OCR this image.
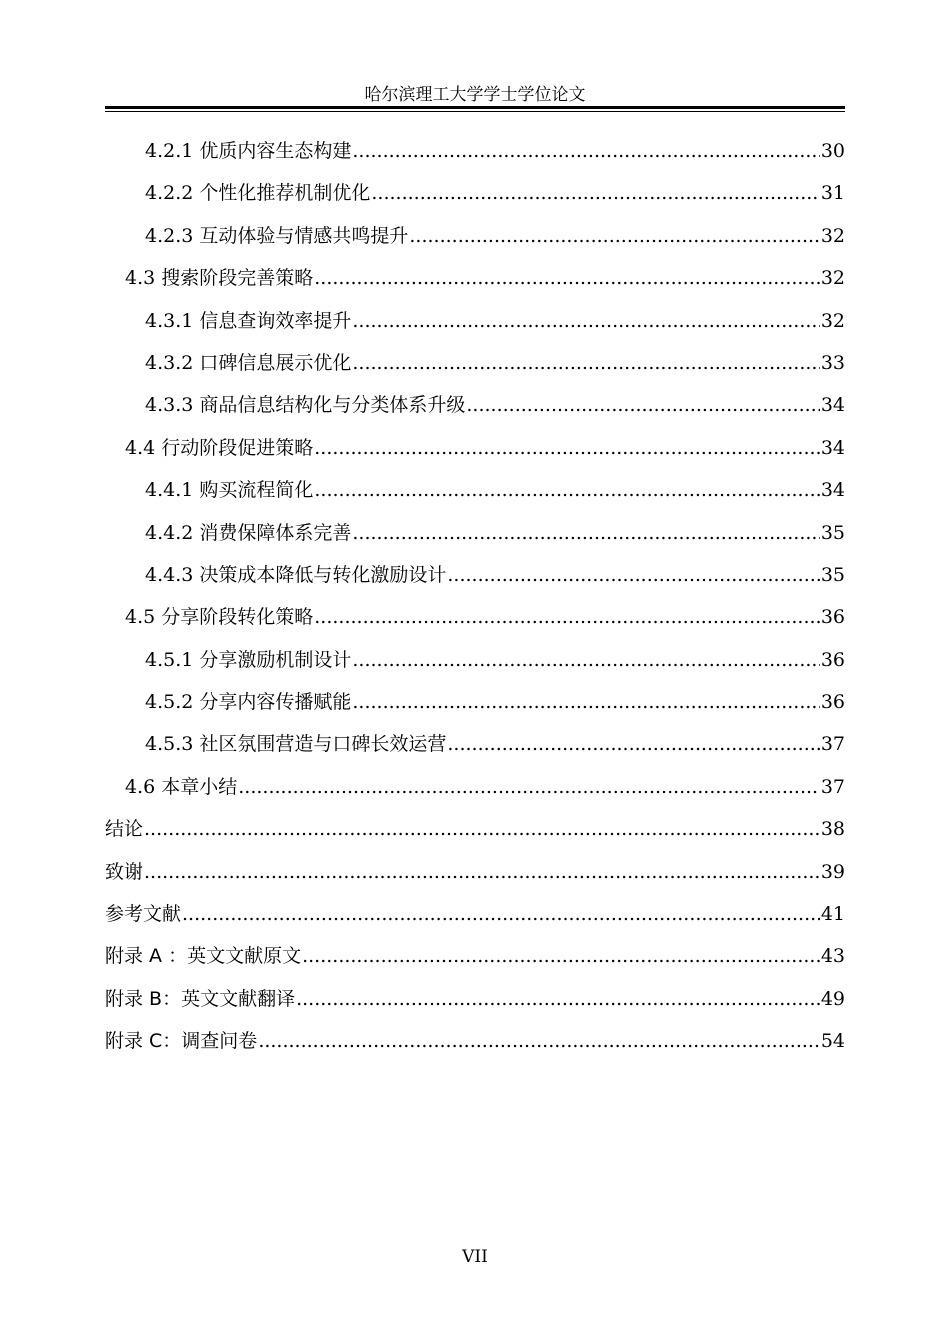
哈尔滨理工大学学士学位论文
4.2.1 优质内容生态构建 .....	30
4.2.2 个性化推荐机制优化 .....	31
4.2.3 互动体验与情感共鸣提升 .....	32
4.3 搜索阶段完善策略 .....	32
4.3.1 信息查询效率提升 .....	32
4.3.2 口碑信息展示优化 .....	33
4.3.3 商品信息结构化与分类体系升级 .....	34
4.4 行动阶段促进策略 .....	34
4.4.1 购买流程简化 .....	34
4.4.2 消费保障体系完善 .....	35
4.4.3 决策成本降低与转化激励设计 .....	35
4.5 分享阶段转化策略 .....	36
4.5.1 分享激励机制设计 .....	36
4.5.2 分享内容传播赋能 .....	36
4.5.3 社区氛围营造与口碑长效运营 .....	37
4.6 本章小结 .....	37
结论 .....	38
致谢 .....	39
参考文献 .....	41
附录 A ：英文文献原文 .....	43
附录 B：英文文献翻译 .....	49
附录 C：调查问卷 .....	54
VII
